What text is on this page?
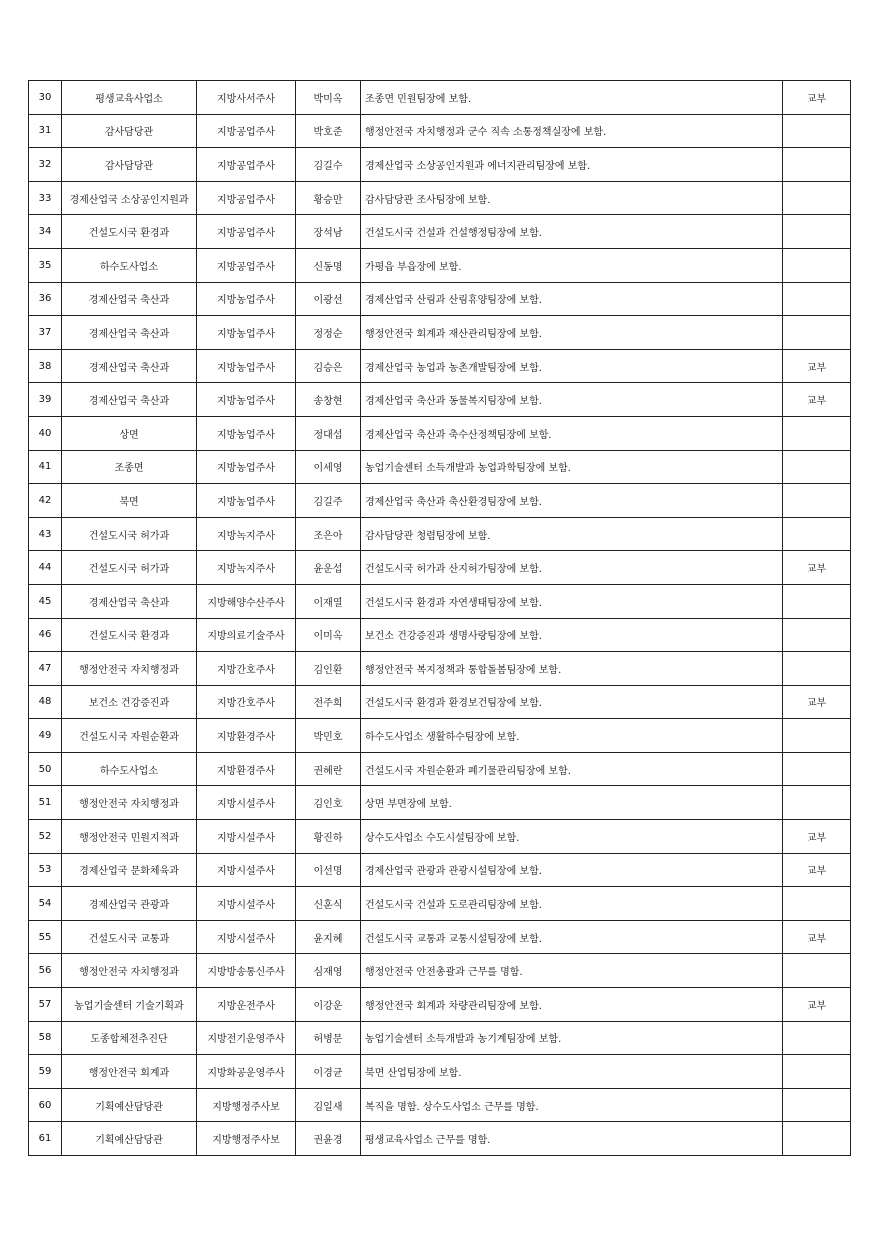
30	평생교육사업소	지방사서주사	박미옥	조종면 민원팀장에 보함.	교부
31	감사담당관	지방공업주사	박호준	행정안전국 자치행정과 군수 직속 소통정책실장에 보함.	
32	감사담당관	지방공업주사	김길수	경제산업국 소상공인지원과 에너지관리팀장에 보함.	
33	경제산업국 소상공인지원과	지방공업주사	황승만	감사담당관 조사팀장에 보함.	
34	건설도시국 환경과	지방공업주사	장석남	건설도시국 건설과 건설행정팀장에 보함.	
35	하수도사업소	지방공업주사	신동명	가평읍 부읍장에 보함.	
36	경제산업국 축산과	지방농업주사	이광선	경제산업국 산림과 산림휴양팀장에 보함.	
37	경제산업국 축산과	지방농업주사	정정순	행정안전국 회계과 재산관리팀장에 보함.	
38	경제산업국 축산과	지방농업주사	김승은	경제산업국 농업과 농촌개발팀장에 보함.	교부
39	경제산업국 축산과	지방농업주사	송창현	경제산업국 축산과 동물복지팀장에 보함.	교부
40	상면	지방농업주사	정대섭	경제산업국 축산과 축수산정책팀장에 보함.	
41	조종면	지방농업주사	이세영	농업기술센터 소득개발과 농업과학팀장에 보함.	
42	북면	지방농업주사	김길주	경제산업국 축산과 축산환경팀장에 보함.	
43	건설도시국 허가과	지방녹지주사	조은아	감사담당관 청렴팀장에 보함.	
44	건설도시국 허가과	지방녹지주사	윤운섭	건설도시국 허가과 산지허가팀장에 보함.	교부
45	경제산업국 축산과	지방해양수산주사	이재열	건설도시국 환경과 자연생태팀장에 보함.	
46	건설도시국 환경과	지방의료기술주사	이미옥	보건소 건강증진과 생명사랑팀장에 보함.	
47	행정안전국 자치행정과	지방간호주사	김인환	행정안전국 복지정책과 통합돌봄팀장에 보함.	
48	보건소 건강증진과	지방간호주사	전주희	건설도시국 환경과 환경보건팀장에 보함.	교부
49	건설도시국 자원순환과	지방환경주사	박민호	하수도사업소 생활하수팀장에 보함.	
50	하수도사업소	지방환경주사	권혜란	건설도시국 자원순환과 폐기물관리팀장에 보함.	
51	행정안전국 자치행정과	지방시설주사	김인호	상면 부면장에 보함.	
52	행정안전국 민원지적과	지방시설주사	황진하	상수도사업소 수도시설팀장에 보함.	교부
53	경제산업국 문화체육과	지방시설주사	이선명	경제산업국 관광과 관광시설팀장에 보함.	교부
54	경제산업국 관광과	지방시설주사	신훈식	건설도시국 건설과 도로관리팀장에 보함.	
55	건설도시국 교통과	지방시설주사	윤지혜	건설도시국 교통과 교통시설팀장에 보함.	교부
56	행정안전국 자치행정과	지방방송통신주사	심재영	행정안전국 안전총괄과 근무를 명함.	
57	농업기술센터 기술기획과	지방운전주사	이강운	행정안전국 회계과 차량관리팀장에 보함.	교부
58	도종합체전추진단	지방전기운영주사	허병문	농업기술센터 소득개발과 농기계팀장에 보함.	
59	행정안전국 회계과	지방화공운영주사	이경균	북면 산업팀장에 보함.	
60	기획예산담당관	지방행정주사보	김일새	복직을 명함. 상수도사업소 근무를 명함.	
61	기획예산담당관	지방행정주사보	권윤경	평생교육사업소 근무를 명함.	
